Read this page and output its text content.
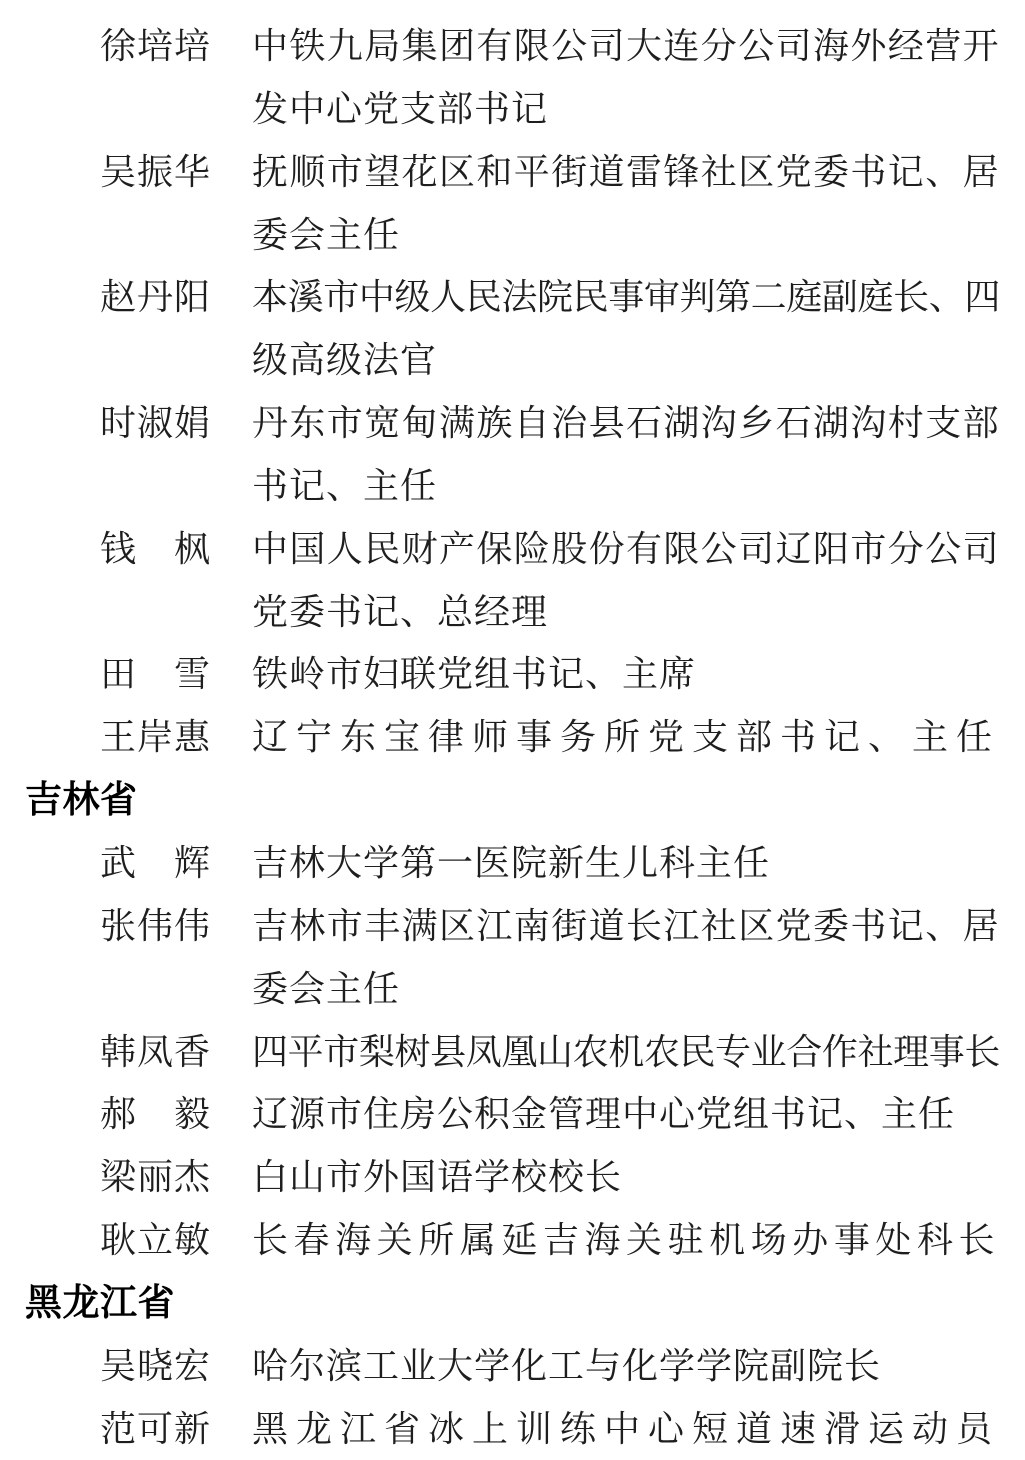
徐培培 中铁九局集团有限公司大连分公司海外经营开
发中心党支部书记
吴振华 抚顺市望花区和平街道雷锋社区党委书记、居
委会主任
赵丹阳 本溪市中级人民法院民事审判第二庭副庭长、四
级高级法官
时淑娟 丹东市宽甸满族自治县石湖沟乡石湖沟村支部
书记、主任
钱枫 中国人民财产保险股份有限公司辽阳市分公司
党委书记、总经理
田雪 铁岭市妇联党组书记、主席
王岸惠 辽宁东宝律师事务所党支部书记、主任
吉林省
武辉 吉林大学第一医院新生儿科主任
张伟伟 吉林市丰满区江南街道长江社区党委书记、居
委会主任
韩凤香 四平市梨树县凤凰山农机农民专业合作社理事长
郝毅 辽源市住房公积金管理中心党组书记、主任
梁丽杰 白山市外国语学校校长
耿立敏 长春海关所属延吉海关驻机场办事处科长
黑龙江省
吴晓宏 哈尔滨工业大学化工与化学学院副院长
范可新 黑龙江省冰上训练中心短道速滑运动员
